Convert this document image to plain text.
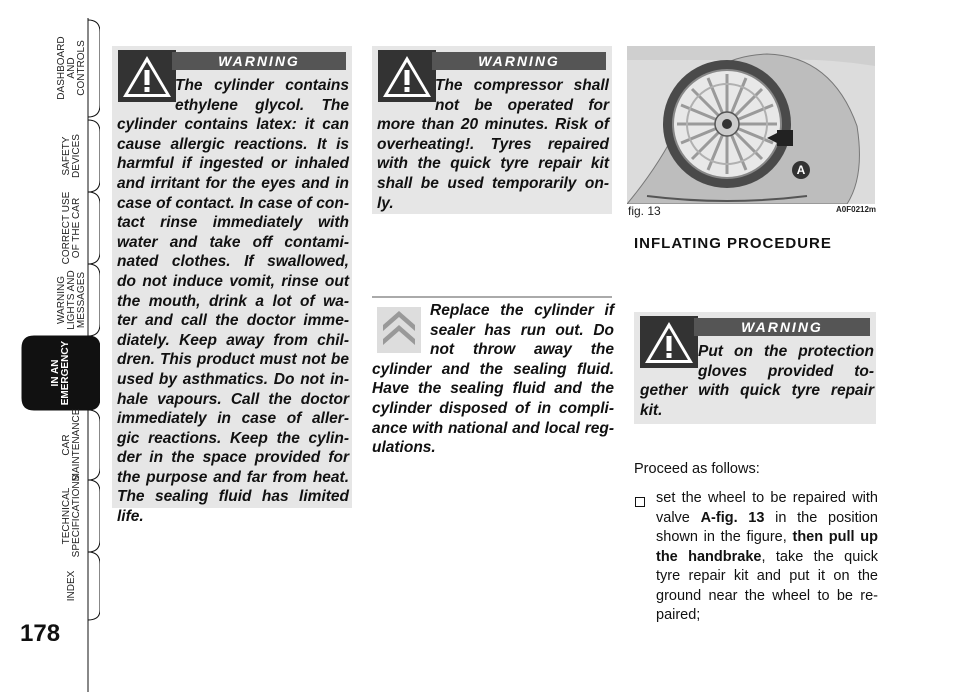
DASHBOARD AND CONTROLS
SAFETY DEVICES
CORRECT USE OF THE CAR
WARNING LIGHTS AND MESSAGES
IN AN EMERGENCY
CAR MAINTENANCE
TECHNICAL SPECIFICATIONS
INDEX
178
WARNING
The cylinder contains
ethylene glycol. The
cylinder contains latex: it can
cause allergic reactions. It is
harmful if ingested or inhaled
and irritant for the eyes and in
case of contact. In case of con-
tact rinse immediately with
water and take off contami-
nated clothes. If swallowed,
do not induce vomit, rinse out
the mouth, drink a lot of wa-
ter and call the doctor imme-
diately. Keep away from chil-
dren. This product must not be
used by asthmatics. Do not in-
hale vapours. Call the doctor
immediately in case of aller-
gic reactions. Keep the cylin-
der in the space provided for
the purpose and far from heat.
The sealing fluid has limited
life.
WARNING
The compressor shall
not be operated for
more than 20 minutes. Risk of
overheating!. Tyres repaired
with the quick tyre repair kit
shall be used temporarily on-
ly.
Replace the cylinder if
sealer has run out. Do
not throw away the
cylinder and the sealing fluid.
Have the sealing fluid and the
cylinder disposed of in compli-
ance with national and local reg-
ulations.
A
fig. 13	A0F0212m
INFLATING PROCEDURE
WARNING
Put on the protection
gloves provided to-
gether with quick tyre repair
kit.
Proceed as follows:
set the wheel to be repaired with
valve A-fig. 13 in the position
shown in the figure, then pull up
the handbrake, take the quick
tyre repair kit and put it on the
ground near the wheel to be re-
paired;
